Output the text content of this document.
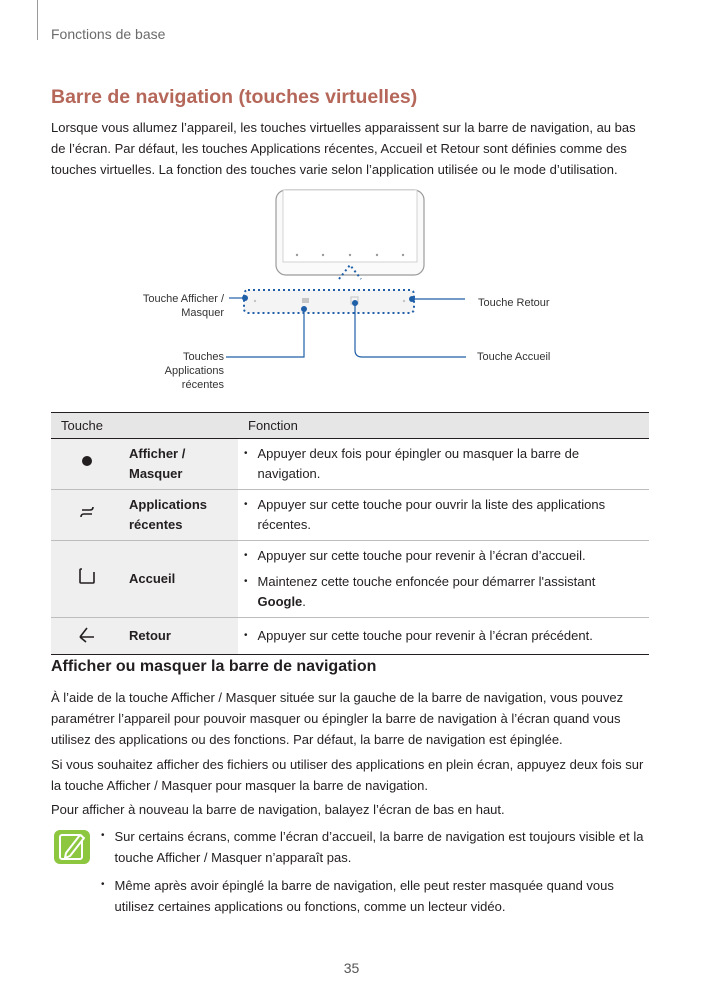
Fonctions de base
Barre de navigation (touches virtuelles)

Lorsque vous allumez l’appareil, les touches virtuelles apparaissent sur la barre de navigation, au bas de l’écran. Par défaut, les touches Applications récentes, Accueil et Retour sont définies comme des touches virtuelles. La fonction des touches varie selon l’application utilisée ou le mode d’utilisation.

Touche Afficher /
Masquer
Touches
Applications
récentes
Touche Retour
Touche Accueil
Touche		Fonction
	Afficher / Masquer	• Appuyer deux fois pour épingler ou masquer la barre de navigation.

	Applications récentes	• Appuyer sur cette touche pour ouvrir la liste des applications récentes.

	Accueil	• Appuyer sur cette touche pour revenir à l’écran d’accueil.
• Maintenez cette touche enfoncée pour démarrer l'assistant
Google.

	Retour	• Appuyer sur cette touche pour revenir à l’écran précédent.
Afficher ou masquer la barre de navigation

À l’aide de la touche Afficher / Masquer située sur la gauche de la barre de navigation, vous pouvez paramétrer l’appareil pour pouvoir masquer ou épingler la barre de navigation à l’écran quand vous utilisez des applications ou des fonctions. Par défaut, la barre de navigation est épinglée.

Si vous souhaitez afficher des fichiers ou utiliser des applications en plein écran, appuyez deux fois sur la touche Afficher / Masquer pour masquer la barre de navigation.

Pour afficher à nouveau la barre de navigation, balayez l’écran de bas en haut.

• Sur certains écrans, comme l’écran d’accueil, la barre de navigation est toujours visible et la touche Afficher / Masquer n’apparaît pas.
• Même après avoir épinglé la barre de navigation, elle peut rester masquée quand vous utilisez certaines applications ou fonctions, comme un lecteur vidéo.
35
